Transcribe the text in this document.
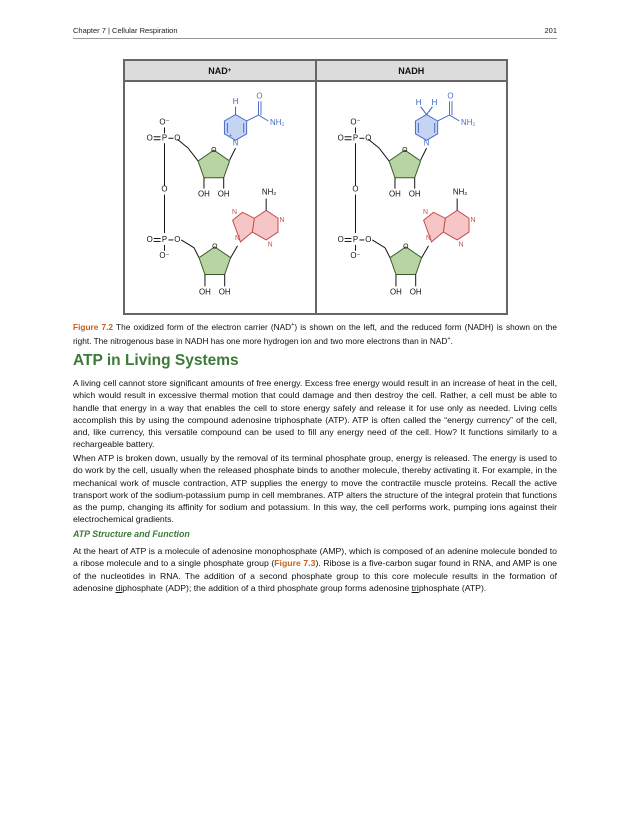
Chapter 7 | Cellular Respiration	201
NAD +	NADH
N
+
H
O
NH₂
O
OH OH
P O
O
O⁻
O
P O
O
O⁻
O
OH OH
N
N
N
N
NH₂
N
H H
O
NH₂
O
OH OH
P O
O
O⁻
O
P O
O
O⁻
O
OH OH
N
N
N
N
NH₂
Figure 7.2 The oxidized form of the electron carrier (NAD+) is shown on the left, and the reduced form (NADH) is shown on the right. The nitrogenous base in NADH has one more hydrogen ion and two more electrons than in NAD+.
ATP in Living Systems

A living cell cannot store significant amounts of free energy. Excess free energy would result in an increase of heat in the cell, which would result in excessive thermal motion that could damage and then destroy the cell. Rather, a cell must be able to handle that energy in a way that enables the cell to store energy safely and release it for use only as needed. Living cells accomplish this by using the compound adenosine triphosphate (ATP). ATP is often called the “energy currency” of the cell, and, like currency, this versatile compound can be used to fill any energy need of the cell. How? It functions similarly to a rechargeable battery.

When ATP is broken down, usually by the removal of its terminal phosphate group, energy is released. The energy is used to do work by the cell, usually when the released phosphate binds to another molecule, thereby activating it. For example, in the mechanical work of muscle contraction, ATP supplies the energy to move the contractile muscle proteins. Recall the active transport work of the sodium-potassium pump in cell membranes. ATP alters the structure of the integral protein that functions as the pump, changing its affinity for sodium and potassium. In this way, the cell performs work, pumping ions against their electrochemical gradients.

ATP Structure and Function

At the heart of ATP is a molecule of adenosine monophosphate (AMP), which is composed of an adenine molecule bonded to a ribose molecule and to a single phosphate group (Figure 7.3). Ribose is a five-carbon sugar found in RNA, and AMP is one of the nucleotides in RNA. The addition of a second phosphate group to this core molecule results in the formation of adenosine diphosphate (ADP); the addition of a third phosphate group forms adenosine triphosphate (ATP).
